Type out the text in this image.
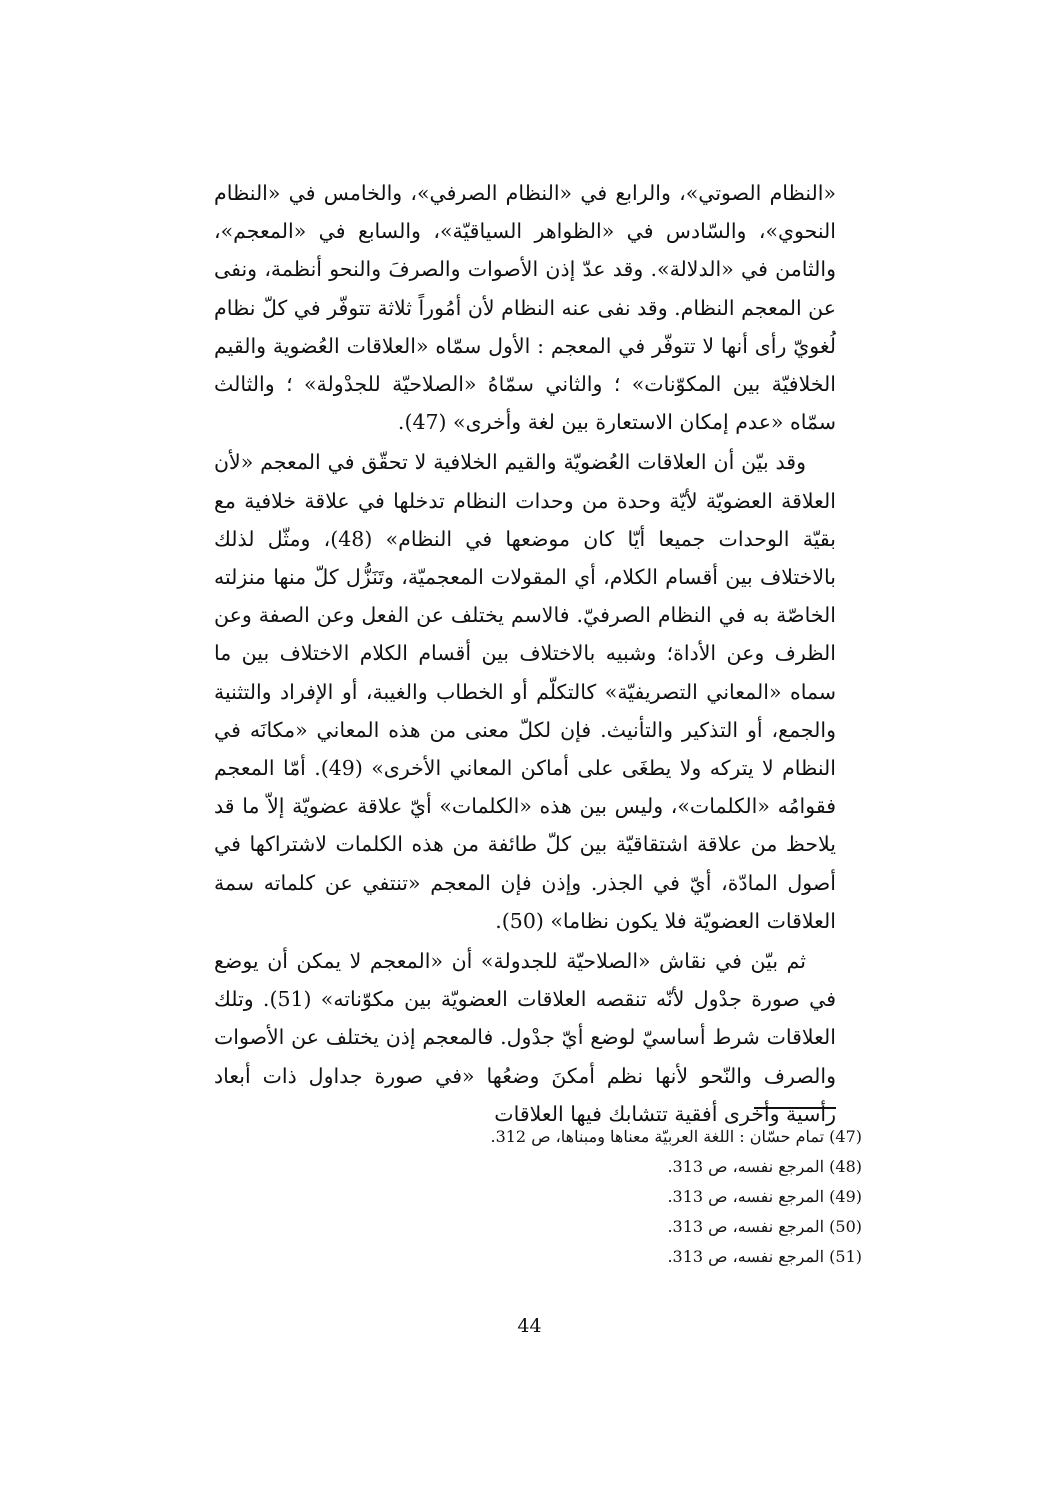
«النظام الصوتي»، والرابع في «النظام الصرفي»، والخامس في «النظام النحوي»، والسّادس في «الظواهر السياقيّة»، والسابع في «المعجم»، والثامن في «الدلالة». وقد عدّ إذن الأصوات والصرفَ والنحو أنظمة، ونفى عن المعجم النظام. وقد نفى عنه النظام لأن أمُوراً ثلاثة تتوفّر في كلّ نظام لُغويّ رأى أنها لا تتوفّر في المعجم : الأول سمّاه «العلاقات العُضوية والقيم الخلافيّة بين المكوّنات» ؛ والثاني سمّاهُ «الصلاحيّة للجدْولة» ؛ والثالث سمّاه «عدم إمكان الاستعارة بين لغة وأخرى» (47).

وقد بيّن أن العلاقات العُضويّة والقيم الخلافية لا تحقّق في المعجم «لأن العلاقة العضويّة لأيّة وحدة من وحدات النظام تدخلها في علاقة خلافية مع بقيّة الوحدات جميعا أيّا كان موضعها في النظام» (48)، ومثّل لذلك بالاختلاف بين أقسام الكلام، أي المقولات المعجميّة، وتَنَزُّل كلّ منها منزلته الخاصّة به في النظام الصرفيّ. فالاسم يختلف عن الفعل وعن الصفة وعن الظرف وعن الأداة؛ وشبيه بالاختلاف بين أقسام الكلام الاختلاف بين ما سماه «المعاني التصريفيّة» كالتكلّم أو الخطاب والغيبة، أو الإفراد والتثنية والجمع، أو التذكير والتأنيث. فإن لكلّ معنى من هذه المعاني «مكانَه في النظام لا يتركه ولا يطغَى على أماكن المعاني الأخرى» (49). أمّا المعجم فقوامُه «الكلمات»، وليس بين هذه «الكلمات» أيّ علاقة عضويّة إلاّ ما قد يلاحظ من علاقة اشتقاقيّة بين كلّ طائفة من هذه الكلمات لاشتراكها في أصول المادّة، أيّ في الجذر. وإذن فإن المعجم «تنتفي عن كلماته سمة العلاقات العضويّة فلا يكون نظاما» (50).

ثم بيّن في نقاش «الصلاحيّة للجدولة» أن «المعجم لا يمكن أن يوضع في صورة جدْول لأنّه تنقصه العلاقات العضويّة بين مكوّناته» (51). وتلك العلاقات شرط أساسيّ لوضع أيّ جدْول. فالمعجم إذن يختلف عن الأصوات والصرف والنّحو لأنها نظم أمكنَ وضعُها «في صورة جداول ذات أبعاد رأسية وأخرى أفقية تتشابك فيها العلاقات

(47) تمام حسّان : اللغة العربيّة معناها ومبناها، ص 312.
(48) المرجع نفسه، ص 313.
(49) المرجع نفسه، ص 313.
(50) المرجع نفسه، ص 313.
(51) المرجع نفسه، ص 313.
44
